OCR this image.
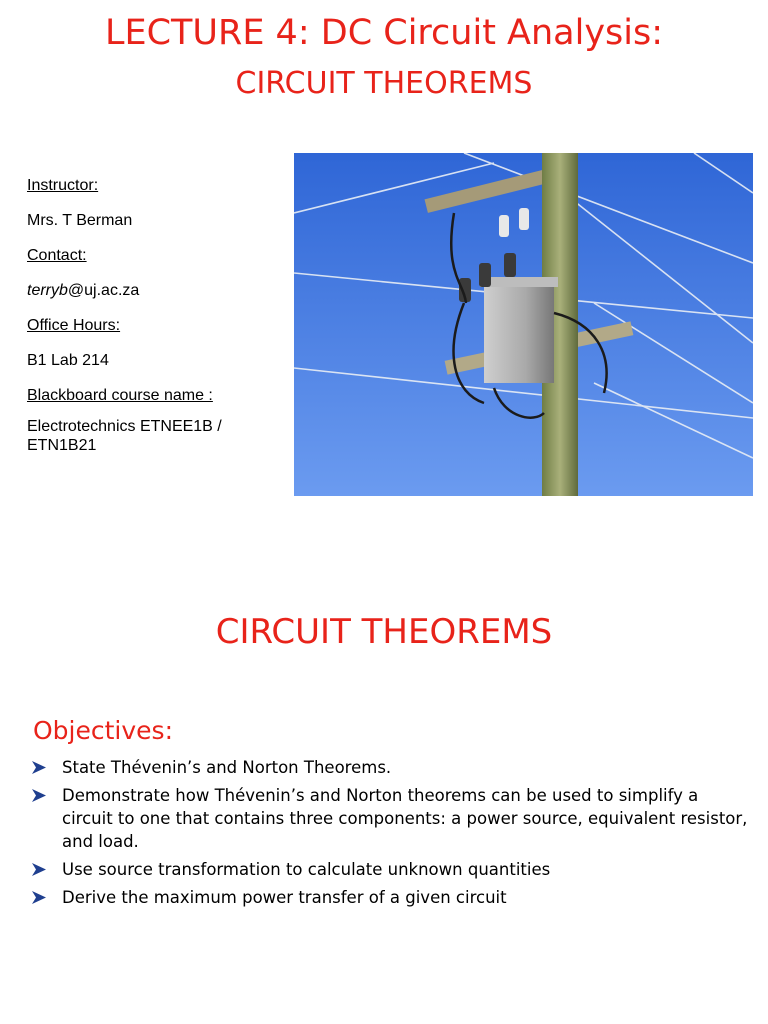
LECTURE 4: DC Circuit Analysis:
CIRCUIT THEOREMS

Instructor:

Mrs. T Berman

Contact:

terryb@uj.ac.za

Office Hours:

B1 Lab 214

Blackboard course name :

Electrotechnics ETNEE1B /
ETN1B21

CIRCUIT THEOREMS
Objectives:
State Thévenin’s and Norton Theorems.
Demonstrate how Thévenin’s and Norton theorems can be used to simplify a circuit to one that contains three components: a power source, equivalent resistor, and load.
Use source transformation to calculate unknown quantities
Derive the maximum power transfer of a given circuit
